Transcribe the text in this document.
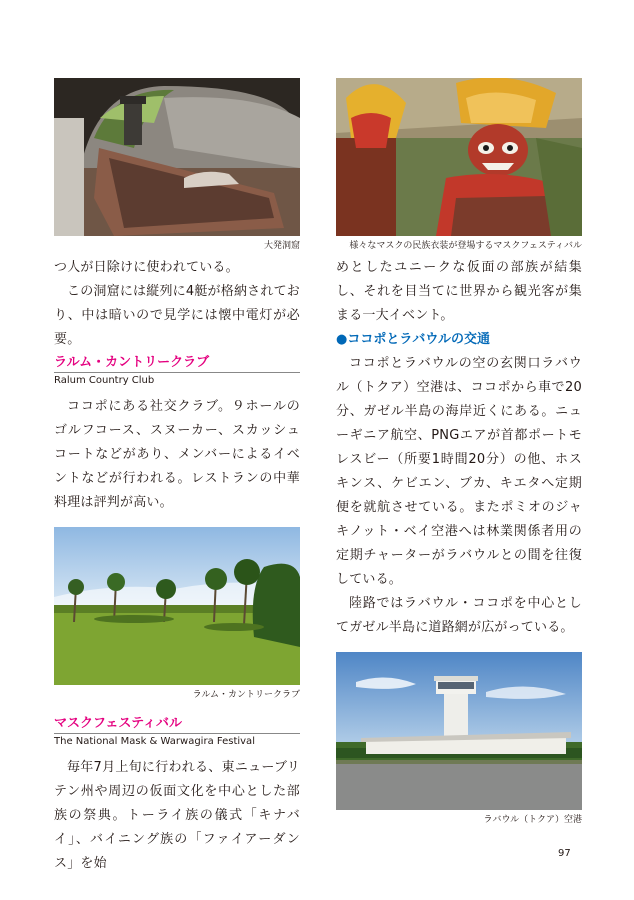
大発洞窟
つ人が日除けに使われている。
この洞窟には縦列に4艇が格納されており、中は暗いので見学には懐中電灯が必要。
ラルム・カントリークラブ
Ralum Country Club
ココポにある社交クラブ。９ホールのゴルフコース、スヌーカー、スカッシュコートなどがあり、メンバーによるイベントなどが行われる。レストランの中華料理は評判が高い。
ラルム・カントリークラブ
マスクフェスティバル
The National Mask & Warwagira Festival
毎年7月上旬に行われる、東ニューブリテン州や周辺の仮面文化を中心とした部族の祭典。トーライ族の儀式「キナバイ」、バイニング族の「ファイアーダンス」を始
様々なマスクの民族衣装が登場するマスクフェスティバル
めとしたユニークな仮面の部族が結集し、それを目当てに世界から観光客が集まる一大イベント。
●ココポとラバウルの交通
ココポとラバウルの空の玄関口ラバウル（トクア）空港は、ココポから車で20分、ガゼル半島の海岸近くにある。ニューギニア航空、PNGエアが首都ポートモレスビー（所要1時間20分）の他、ホスキンス、ケビエン、ブカ、キエタへ定期便を就航させている。またポミオのジャキノット・ベイ空港へは林業関係者用の定期チャーターがラバウルとの間を往復している。
陸路ではラバウル・ココポを中心としてガゼル半島に道路網が広がっている。
ラバウル（トクア）空港
97
